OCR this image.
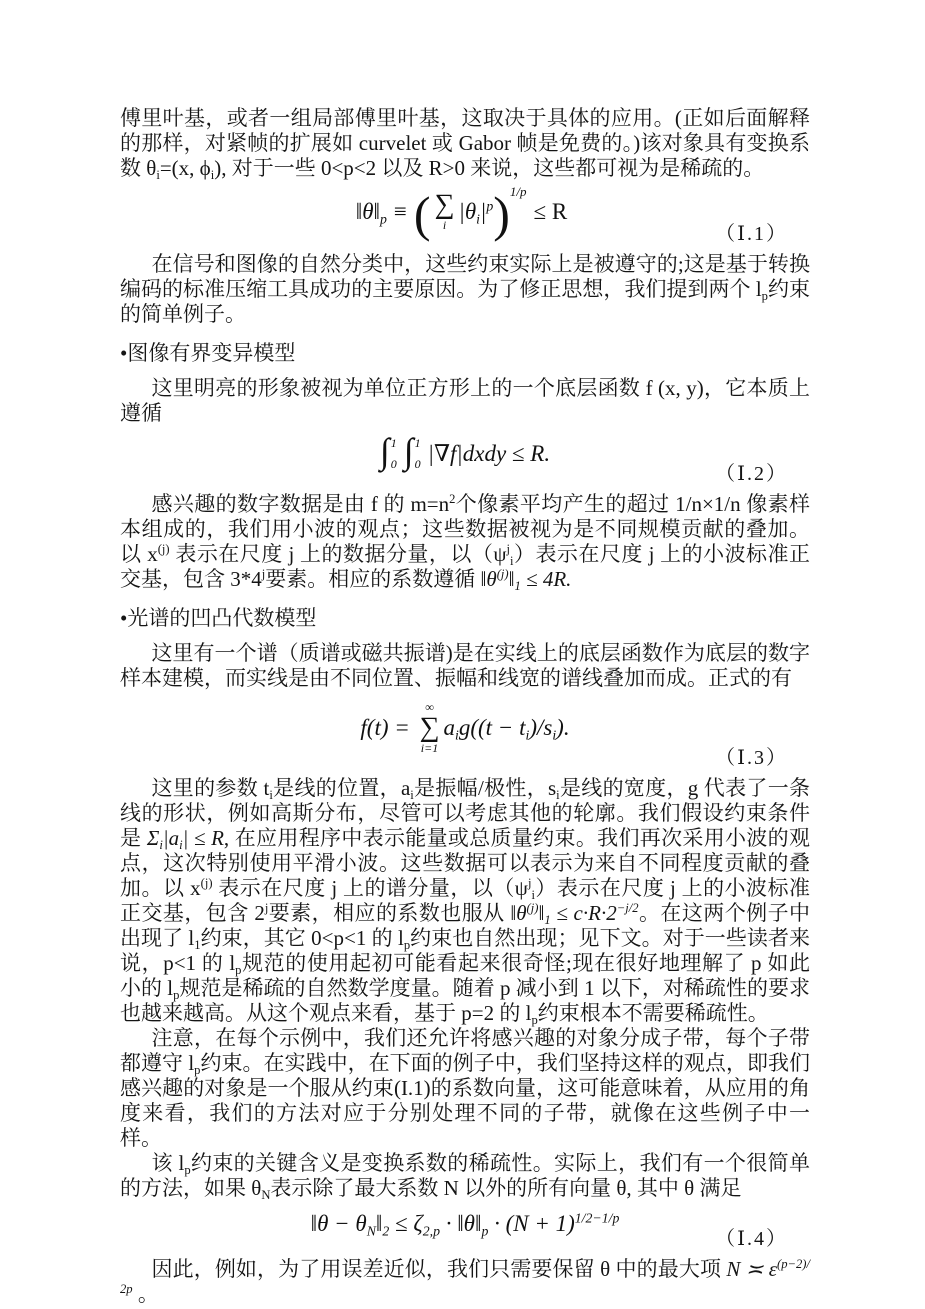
傅里叶基，或者一组局部傅里叶基，这取决于具体的应用。(正如后面解释的那样，对紧帧的扩展如 curvelet 或 Gabor 帧是免费的。)该对象具有变换系数 $\theta_i=(x$, $\phi_i$), 对于一些 0<p<2 以及 R>0 来说，这些都可视为是稀疏的。

$‖\theta‖_p$ ≡ ( ∑
i
$|\theta_i|^p$ ) 1/p
≤ R
（Ⅰ.1）

在信号和图像的自然分类中，这些约束实际上是被遵守的;这是基于转换编码的标准压缩工具成功的主要原因。为了修正思想，我们提到两个 $l_p$约束的简单例子。

•图像有界变异模型

这里明亮的形象被视为单位正方形上的一个底层函数 f (x, y)，它本质上遵循

∫ 1
0 ∫ 1
0 |∇f|dxdy ≤ R.
（Ⅰ.2）

感兴趣的数字数据是由 f 的 $m=n^2$个像素平均产生的超过 1/n×1/n 像素样本组成的，我们用小波的观点；这些数据被视为是不同规模贡献的叠加。以 $x^{(j)}$ 表示在尺度 j 上的数据分量，以$(\psi^j_i)$表示在尺度 j 上的小波标准正交基，包含 3*4$^j$要素。相应的系数遵循 $‖\theta^{(j)}‖_1 \le 4R$.

•光谱的凹凸代数模型

这里有一个谱（质谱或磁共振谱)是在实线上的底层函数作为底层的数字样本建模，而实线是由不同位置、振幅和线宽的谱线叠加而成。正式的有

f(t) =
∞
∑
i=1
$a_ig((t - t_i)/s_i)$.
（Ⅰ.3）

这里的参数 $t_i$是线的位置，$a_i$是振幅/极性，$s_i$是线的宽度，g 代表了一条线的形状，例如高斯分布，尽管可以考虑其他的轮廓。我们假设约束条件是 $\Sigma_i|a_i| \le R$, 在应用程序中表示能量或总质量约束。我们再次采用小波的观点，这次特别使用平滑小波。这些数据可以表示为来自不同程度贡献的叠加。以 $x^{(j)}$ 表示在尺度 j 上的谱分量，以$(\psi^j_i)$表示在尺度 j 上的小波标准正交基，包含 2$^j$要素，相应的系数也服从 $‖\theta^{(j)}‖_1 \le c\cdot R\cdot 2^{-j/2}$。在这两个例子中出现了 $l_1$约束，其它 0<p<1 的 $l_p$约束也自然出现；见下文。对于一些读者来说，p<1 的 $l_p$规范的使用起初可能看起来很奇怪;现在很好地理解了 p 如此小的 $l_p$规范是稀疏的自然数学度量。随着 p 减小到 1 以下，对稀疏性的要求也越来越高。从这个观点来看，基于 p=2 的 $l_p$约束根本不需要稀疏性。

注意，在每个示例中，我们还允许将感兴趣的对象分成子带，每个子带都遵守 $l_p$约束。在实践中，在下面的例子中，我们坚持这样的观点，即我们感兴趣的对象是一个服从约束(I.1)的系数向量，这可能意味着，从应用的角度来看，我们的方法对应于分别处理不同的子带，就像在这些例子中一样。

该 $l_p$约束的关键含义是变换系数的稀疏性。实际上，我们有一个很简单的方法，如果 $\theta_N$表示除了最大系数 N 以外的所有向量 θ, 其中 θ 满足

‖θ − $\theta_N‖_2 \le \zeta_{2,p}$ · $‖\theta‖_p \cdot (N + 1)^{1/2-1/p}$
（Ⅰ.4）

因此，例如，为了用误差近似，我们只需要保留 θ 中的最大项 N ≍ $\varepsilon^{(p-2)/2p}$ 。
